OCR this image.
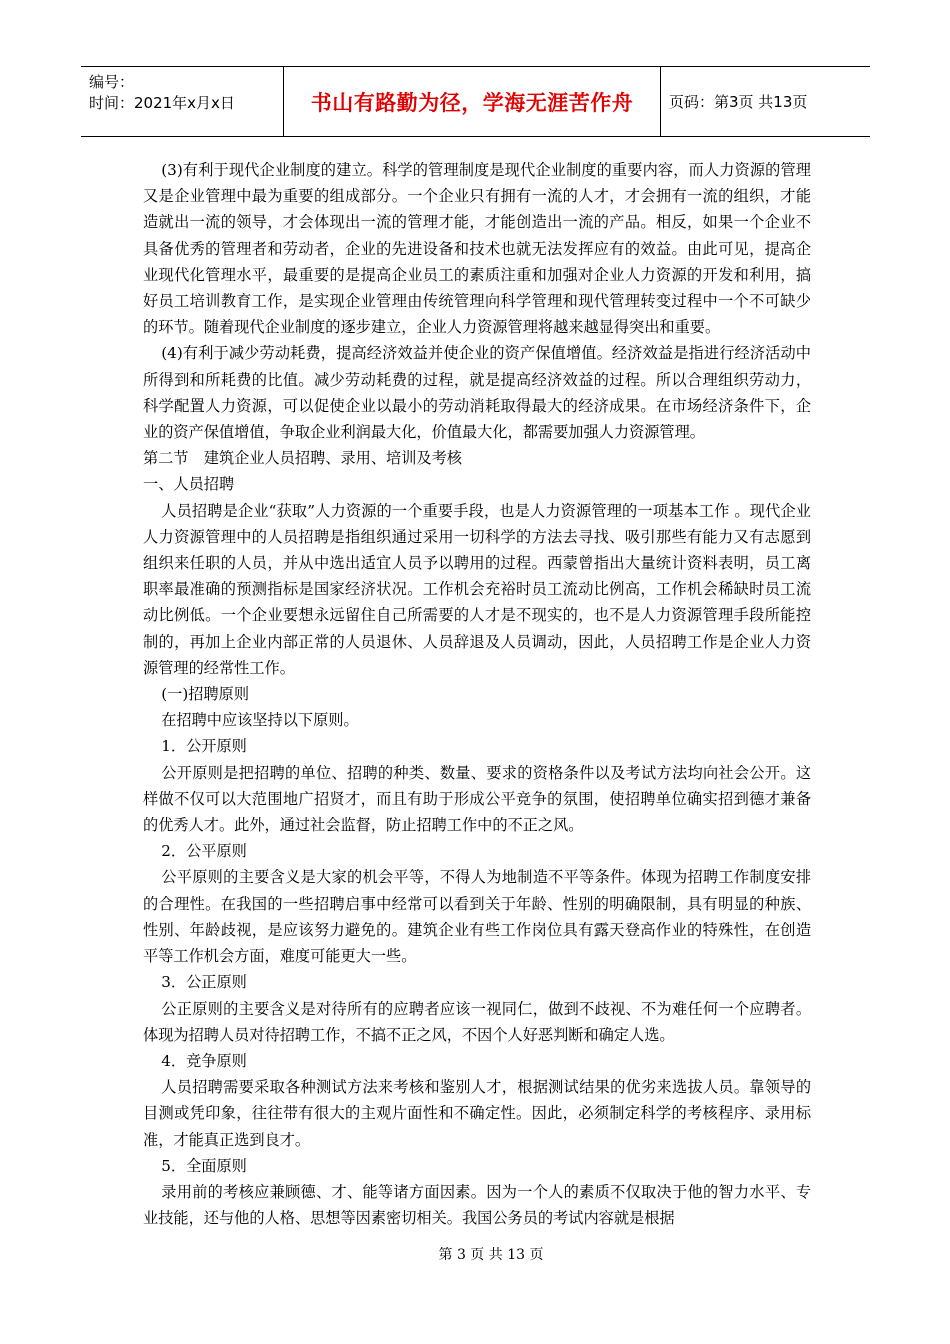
编号：
时间：2021年x月x日	书山有路勤为径，学海无涯苦作舟	页码：第3页 共13页

(3)有利于现代企业制度的建立。科学的管理制度是现代企业制度的重要内容，而人力资源的管理又是企业管理中最为重要的组成部分。一个企业只有拥有一流的人才，才会拥有一流的组织，才能造就出一流的领导，才会体现出一流的管理才能，才能创造出一流的产品。相反，如果一个企业不具备优秀的管理者和劳动者，企业的先进设备和技术也就无法发挥应有的效益。由此可见，提高企业现代化管理水平，最重要的是提高企业员工的素质注重和加强对企业人力资源的开发和利用，搞好员工培训教育工作，是实现企业管理由传统管理向科学管理和现代管理转变过程中一个不可缺少的环节。随着现代企业制度的逐步建立，企业人力资源管理将越来越显得突出和重要。

(4)有利于减少劳动耗费，提高经济效益并使企业的资产保值增值。经济效益是指进行经济活动中所得到和所耗费的比值。减少劳动耗费的过程，就是提高经济效益的过程。所以合理组织劳动力，科学配置人力资源，可以促使企业以最小的劳动消耗取得最大的经济成果。在市场经济条件下，企业的资产保值增值，争取企业利润最大化，价值最大化，都需要加强人力资源管理。

第二节　建筑企业人员招聘、录用、培训及考核

一、人员招聘

人员招聘是企业“获取”人力资源的一个重要手段，也是人力资源管理的一项基本工作 。现代企业人力资源管理中的人员招聘是指组织通过采用一切科学的方法去寻找、吸引那些有能力又有志愿到组织来任职的人员，并从中选出适宜人员予以聘用的过程。西蒙曾指出大量统计资料表明，员工离职率最准确的预测指标是国家经济状况。工作机会充裕时员工流动比例高，工作机会稀缺时员工流动比例低。一个企业要想永远留住自己所需要的人才是不现实的，也不是人力资源管理手段所能控制的，再加上企业内部正常的人员退休、人员辞退及人员调动，因此，人员招聘工作是企业人力资源管理的经常性工作。

(一)招聘原则

在招聘中应该坚持以下原则。

1．公开原则

公开原则是把招聘的单位、招聘的种类、数量、要求的资格条件以及考试方法均向社会公开。这样做不仅可以大范围地广招贤才，而且有助于形成公平竞争的氛围，使招聘单位确实招到德才兼备的优秀人才。此外，通过社会监督，防止招聘工作中的不正之风。

2．公平原则

公平原则的主要含义是大家的机会平等，不得人为地制造不平等条件。体现为招聘工作制度安排的合理性。在我国的一些招聘启事中经常可以看到关于年龄、性别的明确限制，具有明显的种族、性别、年龄歧视，是应该努力避免的。建筑企业有些工作岗位具有露天登高作业的特殊性，在创造平等工作机会方面，难度可能更大一些。

3．公正原则

公正原则的主要含义是对待所有的应聘者应该一视同仁，做到不歧视、不为难任何一个应聘者。体现为招聘人员对待招聘工作，不搞不正之风，不因个人好恶判断和确定人选。

4．竞争原则

人员招聘需要采取各种测试方法来考核和鉴别人才，根据测试结果的优劣来选拔人员。靠领导的目测或凭印象，往往带有很大的主观片面性和不确定性。因此，必须制定科学的考核程序、录用标准，才能真正选到良才。

5．全面原则

录用前的考核应兼顾德、才、能等诸方面因素。因为一个人的素质不仅取决于他的智力水平、专业技能，还与他的人格、思想等因素密切相关。我国公务员的考试内容就是根据

第 3 页 共 13 页
